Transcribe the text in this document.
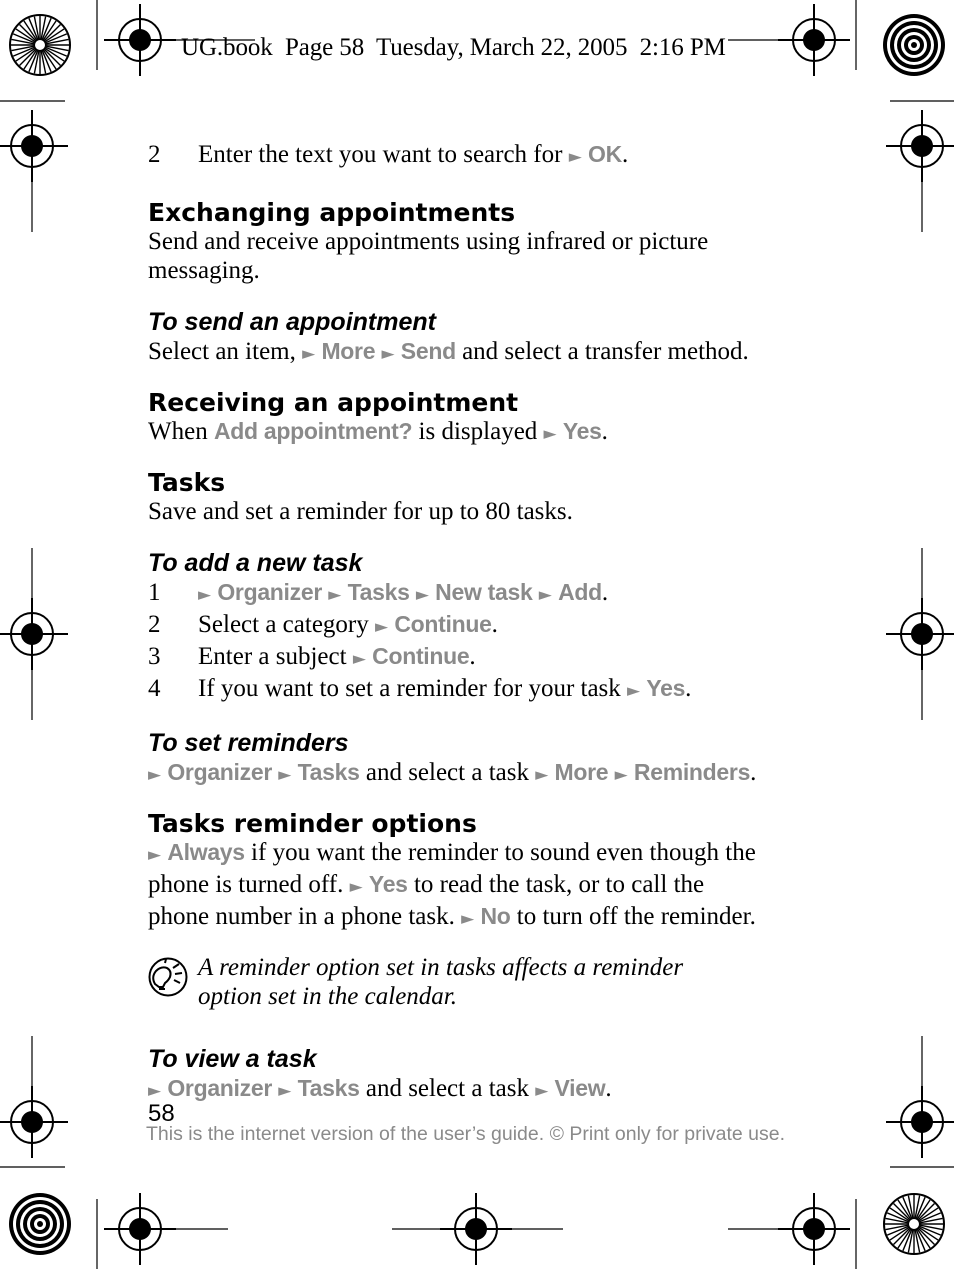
UG.book  Page 58  Tuesday, March 22, 2005  2:16 PM
2	Enter the text you want to search for ► OK.
Exchanging appointments
Send and receive appointments using infrared or picture
messaging.
To send an appointment
Select an item, ► More ► Send and select a transfer method.
Receiving an appointment
When Add appointment? is displayed ► Yes.
Tasks
Save and set a reminder for up to 80 tasks.
To add a new task
1	► Organizer ► Tasks ► New task ► Add.
2	Select a category ► Continue.
3	Enter a subject ► Continue.
4	If you want to set a reminder for your task ► Yes.
To set reminders
► Organizer ► Tasks and select a task ► More ► Reminders.
Tasks reminder options
► Always if you want the reminder to sound even though the
phone is turned off. ► Yes to read the task, or to call the
phone number in a phone task. ► No to turn off the reminder.
A reminder option set in tasks affects a reminder
option set in the calendar.
To view a task
► Organizer ► Tasks and select a task ► View.
58
This is the internet version of the user’s guide. © Print only for private use.
